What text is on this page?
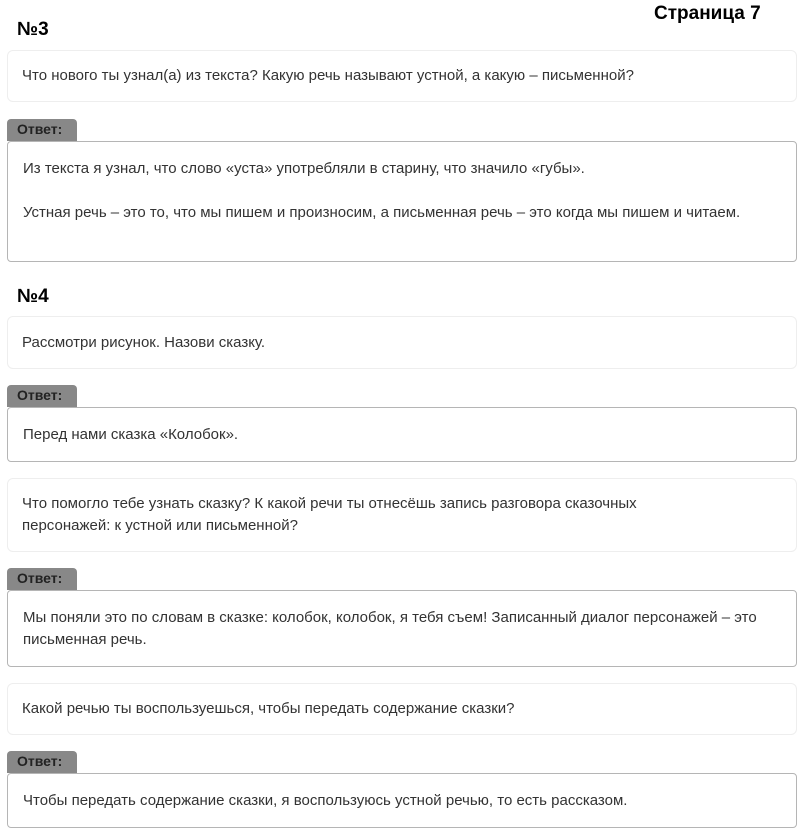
Страница 7
№3
Что нового ты узнал(а) из текста? Какую речь называют устной, а какую – письменной?
Ответ:

Из текста я узнал, что слово «уста» употребляли в старину, что значило «губы».

Устная речь – это то, что мы пишем и произносим, а письменная речь – это когда мы пишем и читаем.

№4
Рассмотри рисунок. Назови сказку.
Ответ:

Перед нами сказка «Колобок».

Что помогло тебе узнать сказку? К какой речи ты отнесёшь запись разговора сказочных персонажей: к устной или письменной?
Ответ:

Мы поняли это по словам в сказке: колобок, колобок, я тебя съем! Записанный диалог персонажей – это письменная речь.

Какой речью ты воспользуешься, чтобы передать содержание сказки?
Ответ:

Чтобы передать содержание сказки, я воспользуюсь устной речью, то есть рассказом.
